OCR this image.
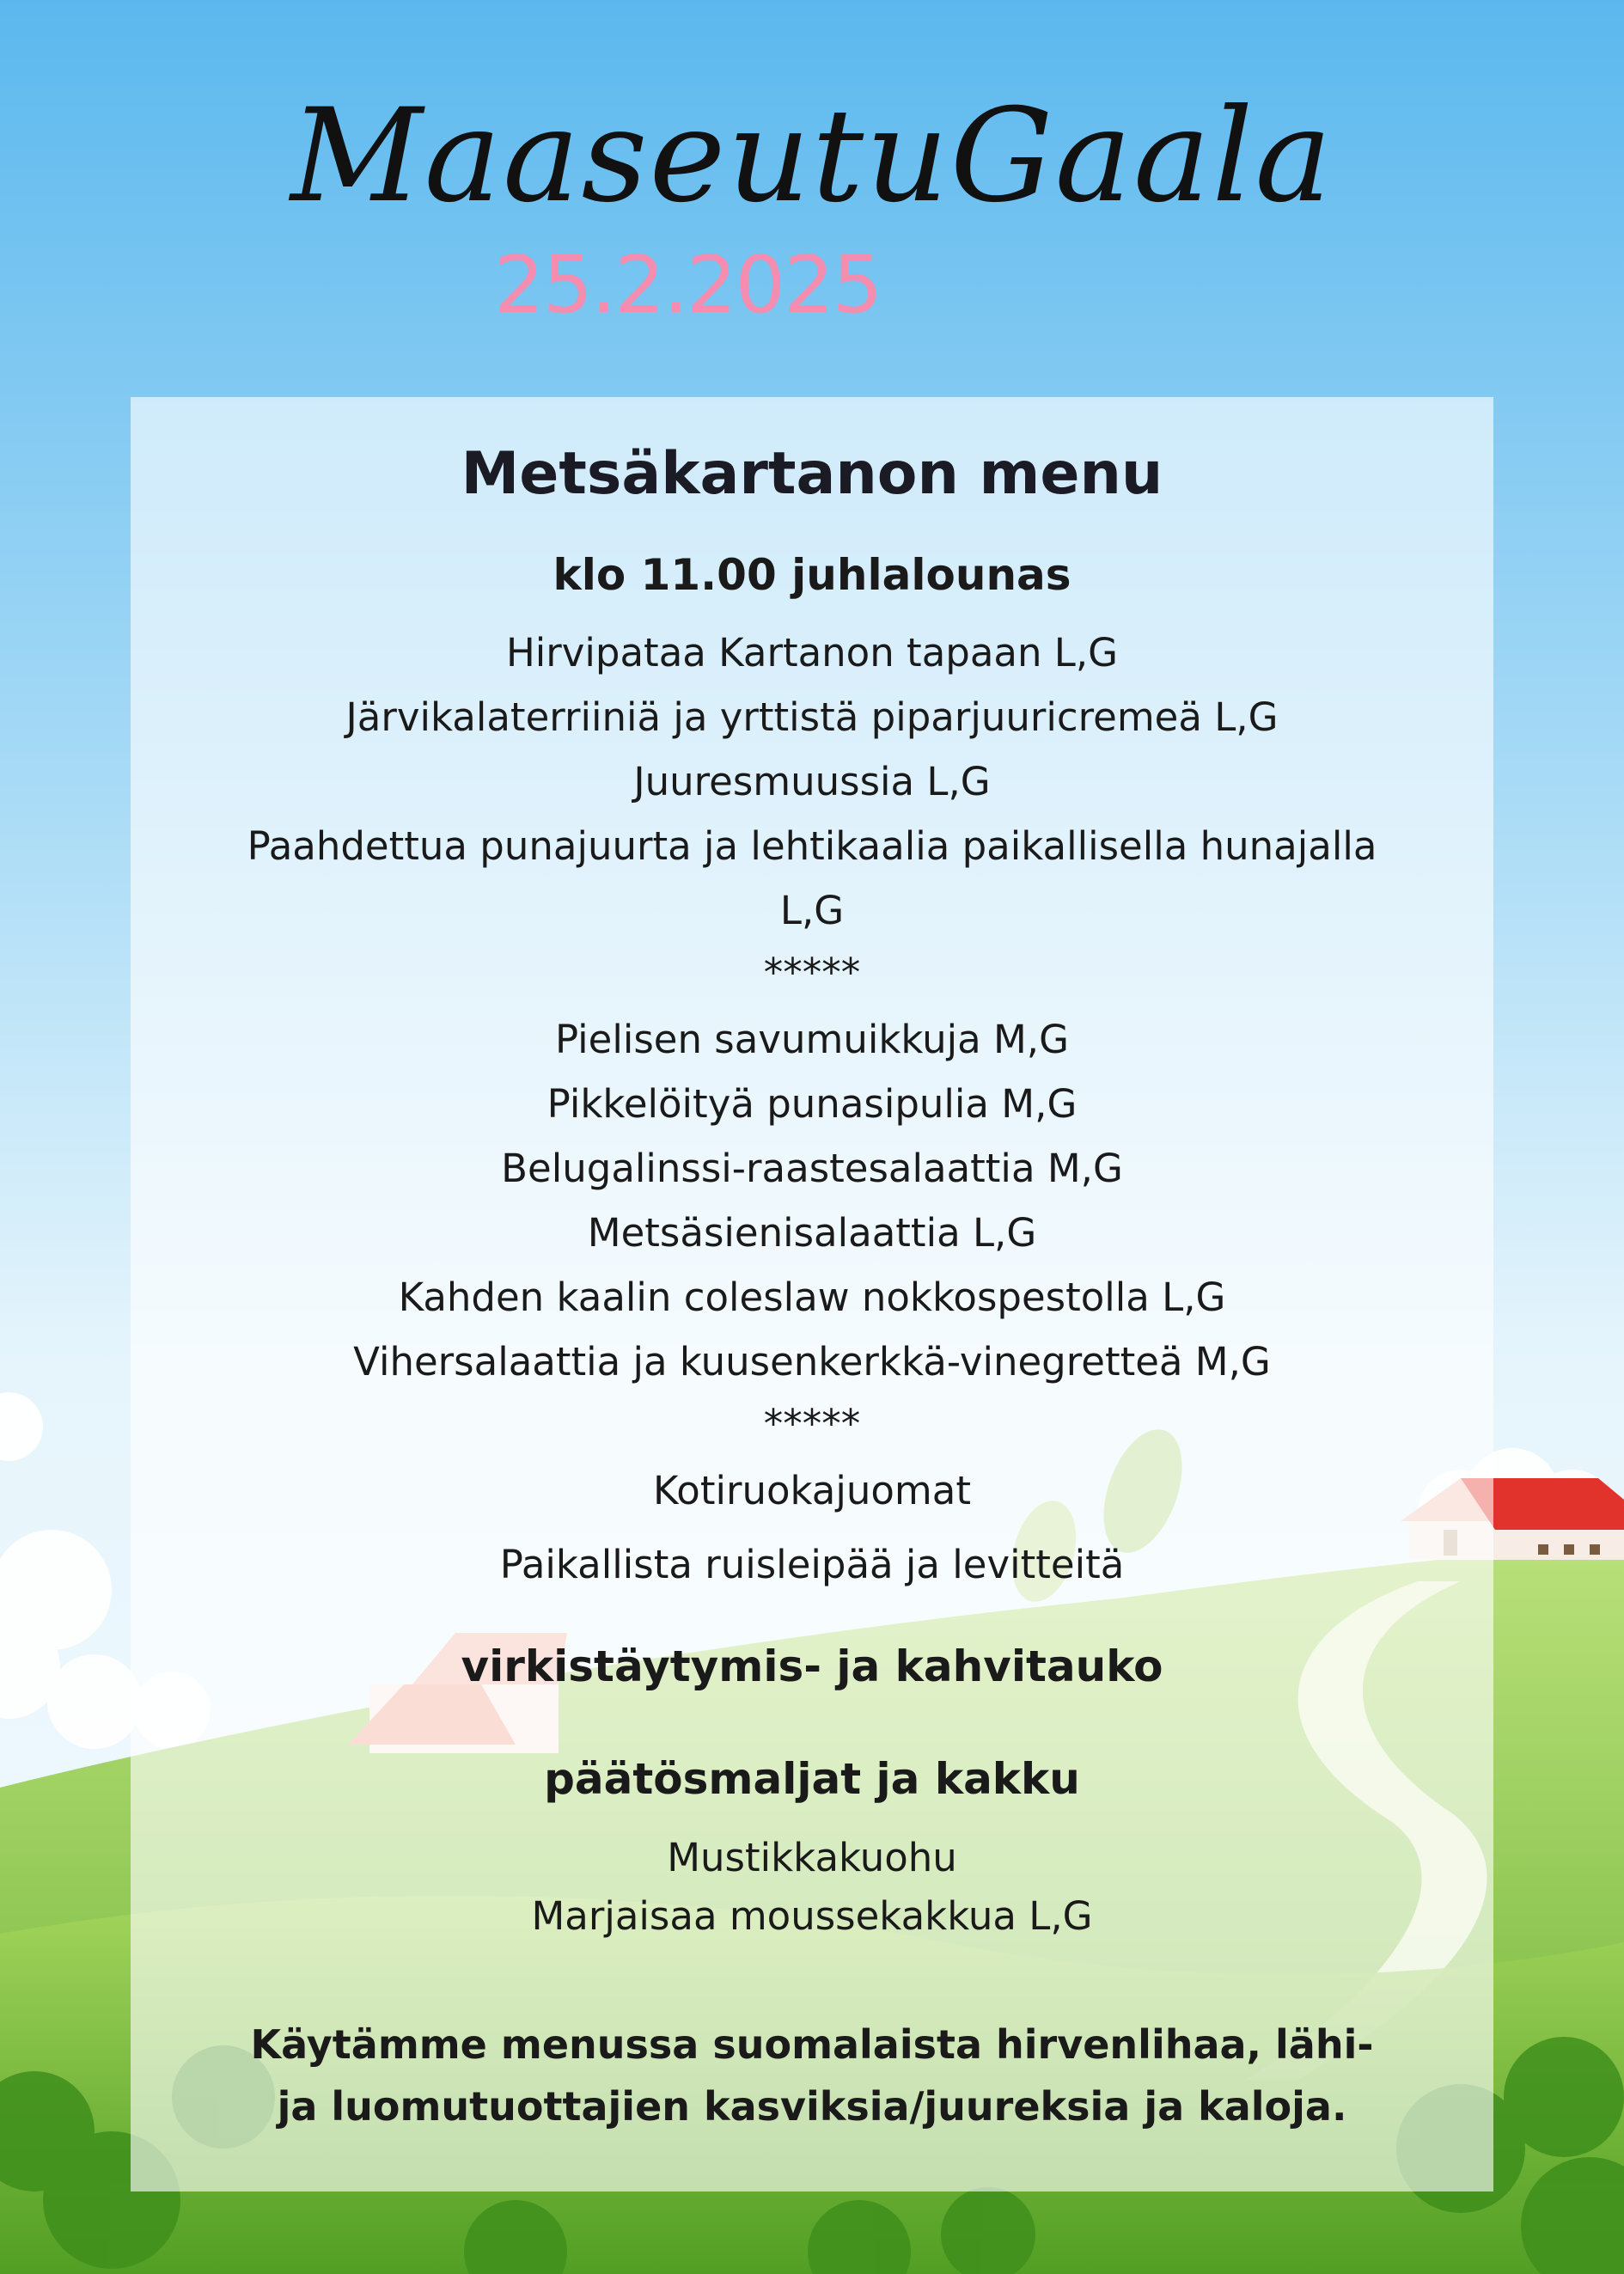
MaaseutuGaala
25.2.2025
Metsäkartanon menu
klo 11.00 juhlalounas
Hirvipataa Kartanon tapaan L,G
Järvikalaterriiniä ja yrttistä piparjuuricremeä L,G
Juuresmuussia L,G
Paahdettua punajuurta ja lehtikaalia paikallisella hunajalla
L,G
*****
Pielisen savumuikkuja M,G
Pikkelöityä punasipulia M,G
Belugalinssi-raastesalaattia M,G
Metsäsienisalaattia L,G
Kahden kaalin coleslaw nokkospestolla L,G
Vihersalaattia ja kuusenkerkkä-vinegretteä M,G
*****
Kotiruokajuomat
Paikallista ruisleipää ja levitteitä
virkistäytymis- ja kahvitauko
päätösmaljat ja kakku
Mustikkakuohu
Marjaisaa moussekakkua L,G
Käytämme menussa suomalaista hirvenlihaa, lähi- ja luomutuottajien kasviksia/juureksia ja kaloja.
